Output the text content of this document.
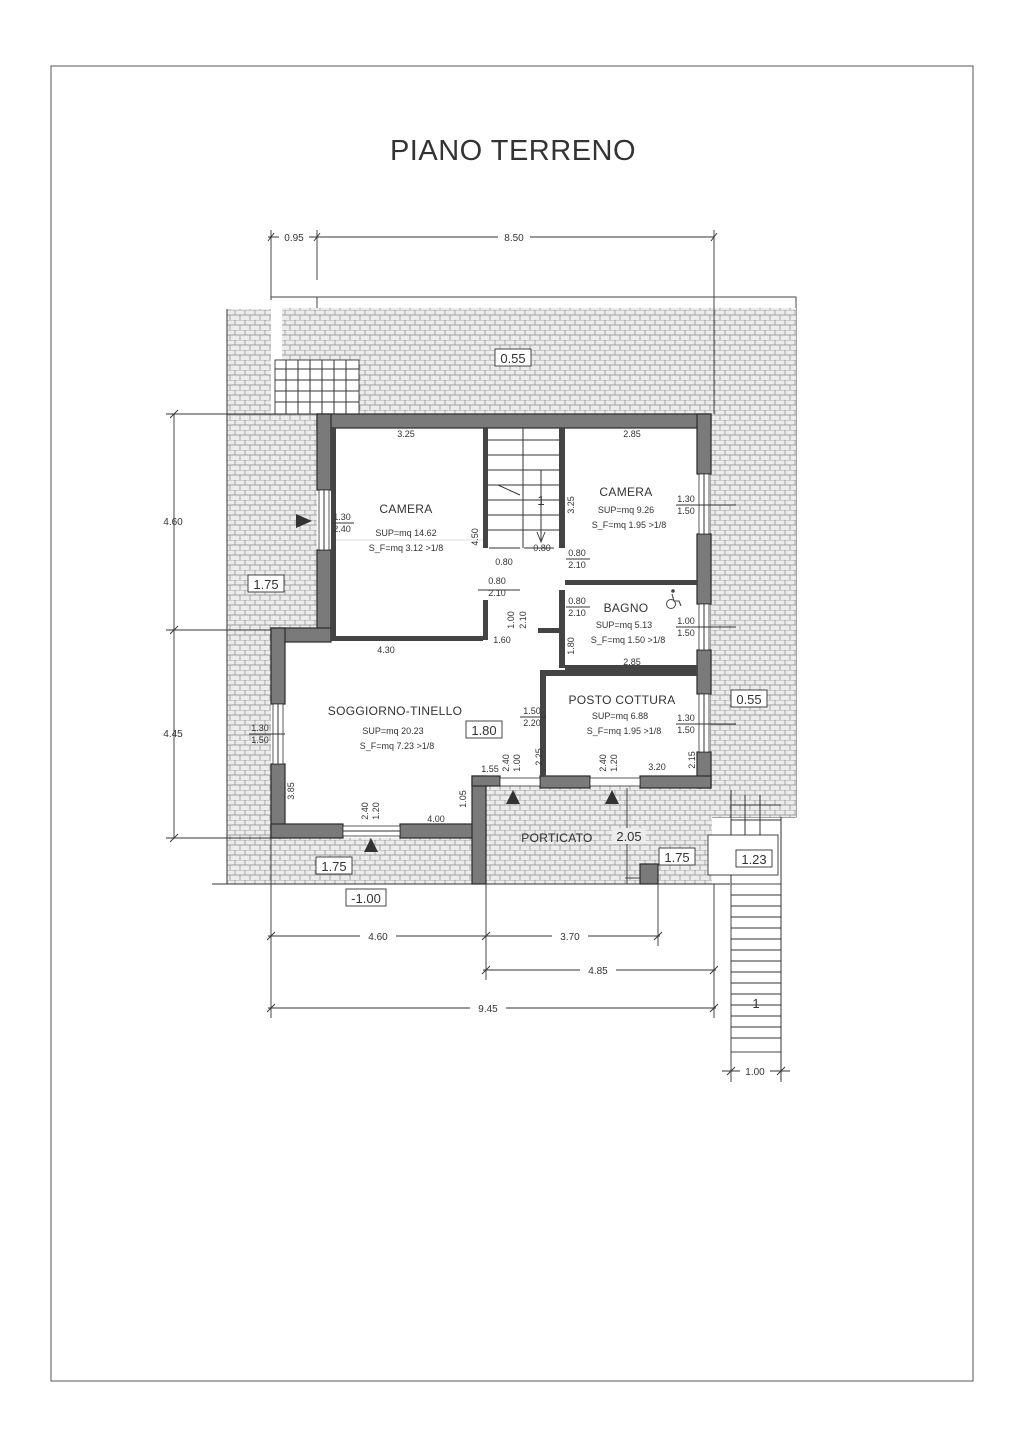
PIANO TERRENO
1
1
0.95	8.50
4.60
4.45
4.60	3.70
4.85
9.45
1.00
0.55
1.75
1.75
1.80
0.55
-1.00
1.75	1.23
2.05
CAMERA
SUP=mq 14.62
S_F=mq 3.12 >1/8
CAMERA
SUP=mq 9.26
S_F=mq 1.95 >1/8
BAGNO
SUP=mq 5.13
S_F=mq 1.50 >1/8
POSTO COTTURA
SUP=mq 6.88
S_F=mq 1.95 >1/8
SOGGIORNO-TINELLO
SUP=mq 20.23
S_F=mq 7.23 >1/8
PORTICATO
3.25
4.50
4.30
2.85
3.25
2.85
4.00
3.85	1.05
3.20
2.25	2.15
1.60	1.80
1.55
1.30
2.40
1.30
1.50
1.00
1.50
1.30
1.50
1.30
1.50
1.50
2.20
0.80
2.10
0.80
2.10
0.80
2.10
1.00 2.10
0.80
0.80
2.40 1.20
2.40 1.00	2.40 1.20
